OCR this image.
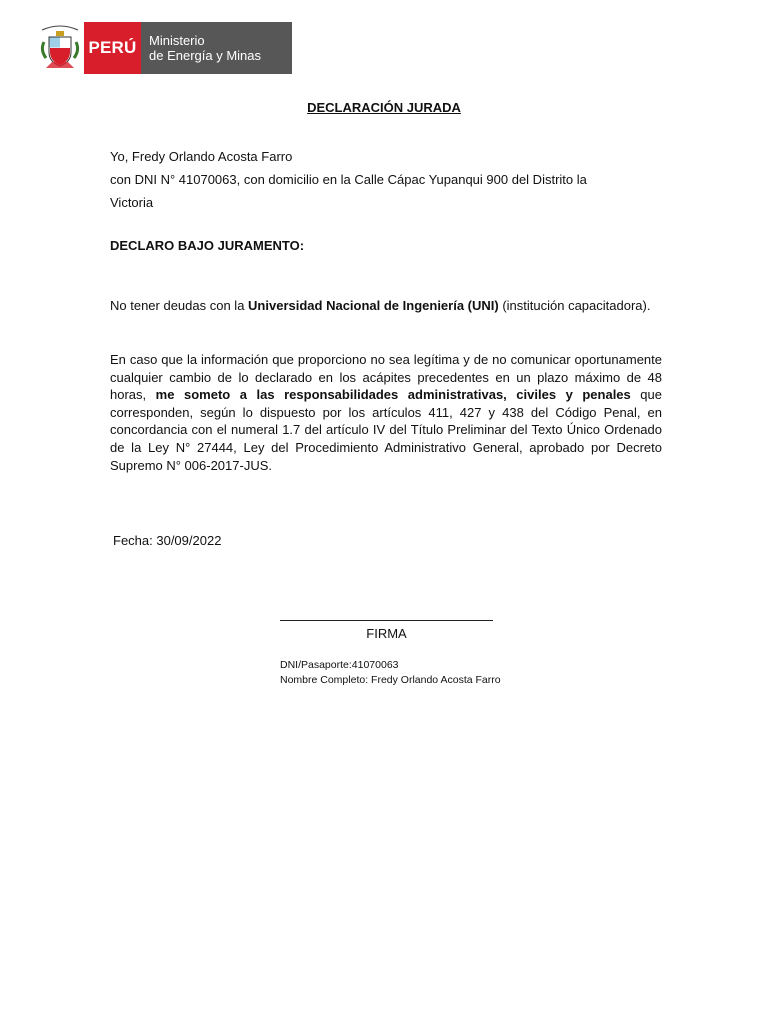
PERÚ Ministerio
de Energía y Minas
DECLARACIÓN JURADA
Yo, Fredy Orlando Acosta Farro
con DNI N° 41070063, con domicilio en la Calle Cápac Yupanqui 900 del Distrito la
Victoria
DECLARO BAJO JURAMENTO:
No tener deudas con la Universidad Nacional de Ingeniería (UNI) (institución capacitadora).
En caso que la información que proporciono no sea legítima y de no comunicar oportunamente cualquier cambio de lo declarado en los acápites precedentes en un plazo máximo de 48 horas, me someto a las responsabilidades administrativas, civiles y penales que corresponden, según lo dispuesto por los artículos 411, 427 y 438 del Código Penal, en concordancia con el numeral 1.7 del artículo IV del Título Preliminar del Texto Único Ordenado de la Ley N° 27444, Ley del Procedimiento Administrativo General, aprobado por Decreto Supremo N° 006-2017-JUS.
Fecha: 30/09/2022
FIRMA
DNI/Pasaporte:41070063
Nombre Completo: Fredy Orlando Acosta Farro
